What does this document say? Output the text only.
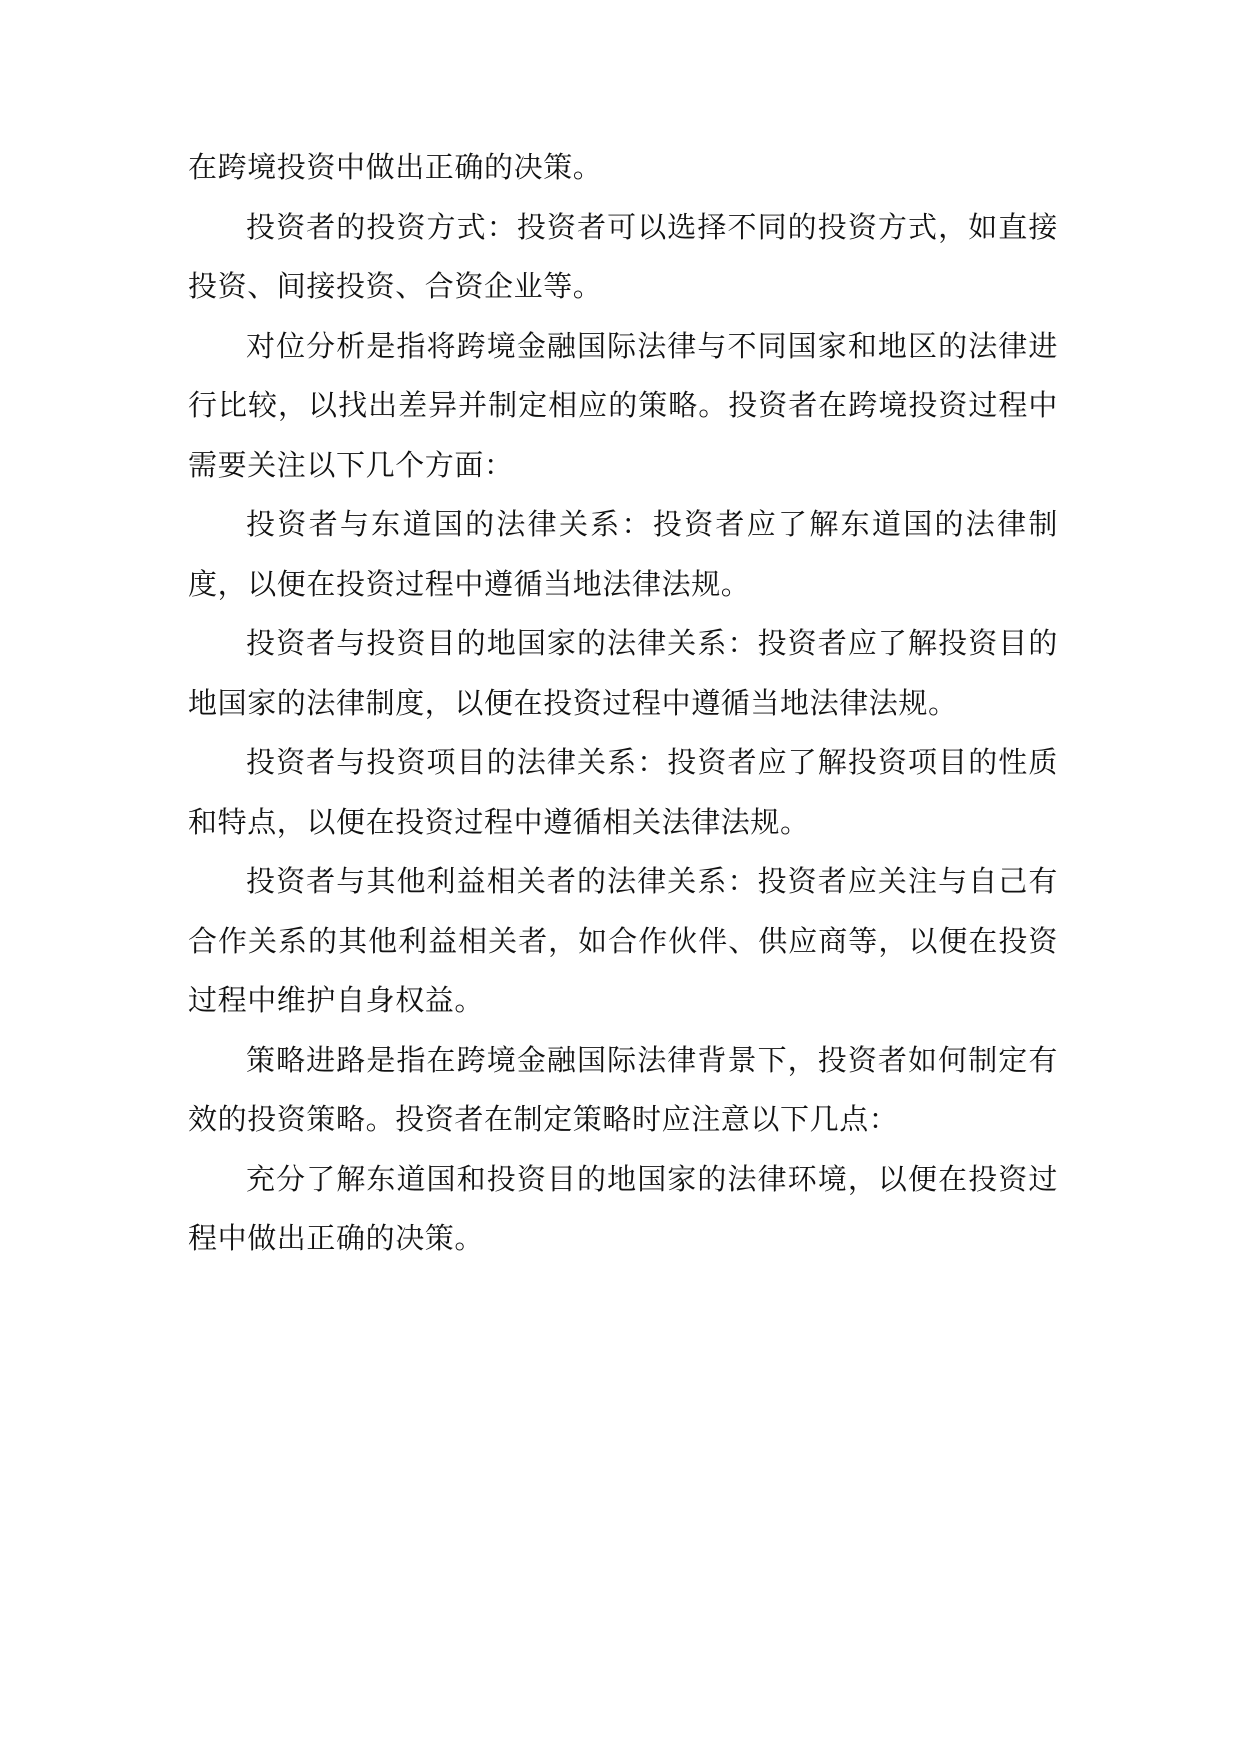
在跨境投资中做出正确的决策。

投资者的投资方式：投资者可以选择不同的投资方式，如直接投资、间接投资、合资企业等。

对位分析是指将跨境金融国际法律与不同国家和地区的法律进行比较，以找出差异并制定相应的策略。投资者在跨境投资过程中需要关注以下几个方面：

投资者与东道国的法律关系：投资者应了解东道国的法律制度，以便在投资过程中遵循当地法律法规。

投资者与投资目的地国家的法律关系：投资者应了解投资目的地国家的法律制度，以便在投资过程中遵循当地法律法规。

投资者与投资项目的法律关系：投资者应了解投资项目的性质和特点，以便在投资过程中遵循相关法律法规。

投资者与其他利益相关者的法律关系：投资者应关注与自己有合作关系的其他利益相关者，如合作伙伴、供应商等，以便在投资过程中维护自身权益。

策略进路是指在跨境金融国际法律背景下，投资者如何制定有效的投资策略。投资者在制定策略时应注意以下几点：

充分了解东道国和投资目的地国家的法律环境，以便在投资过程中做出正确的决策。
